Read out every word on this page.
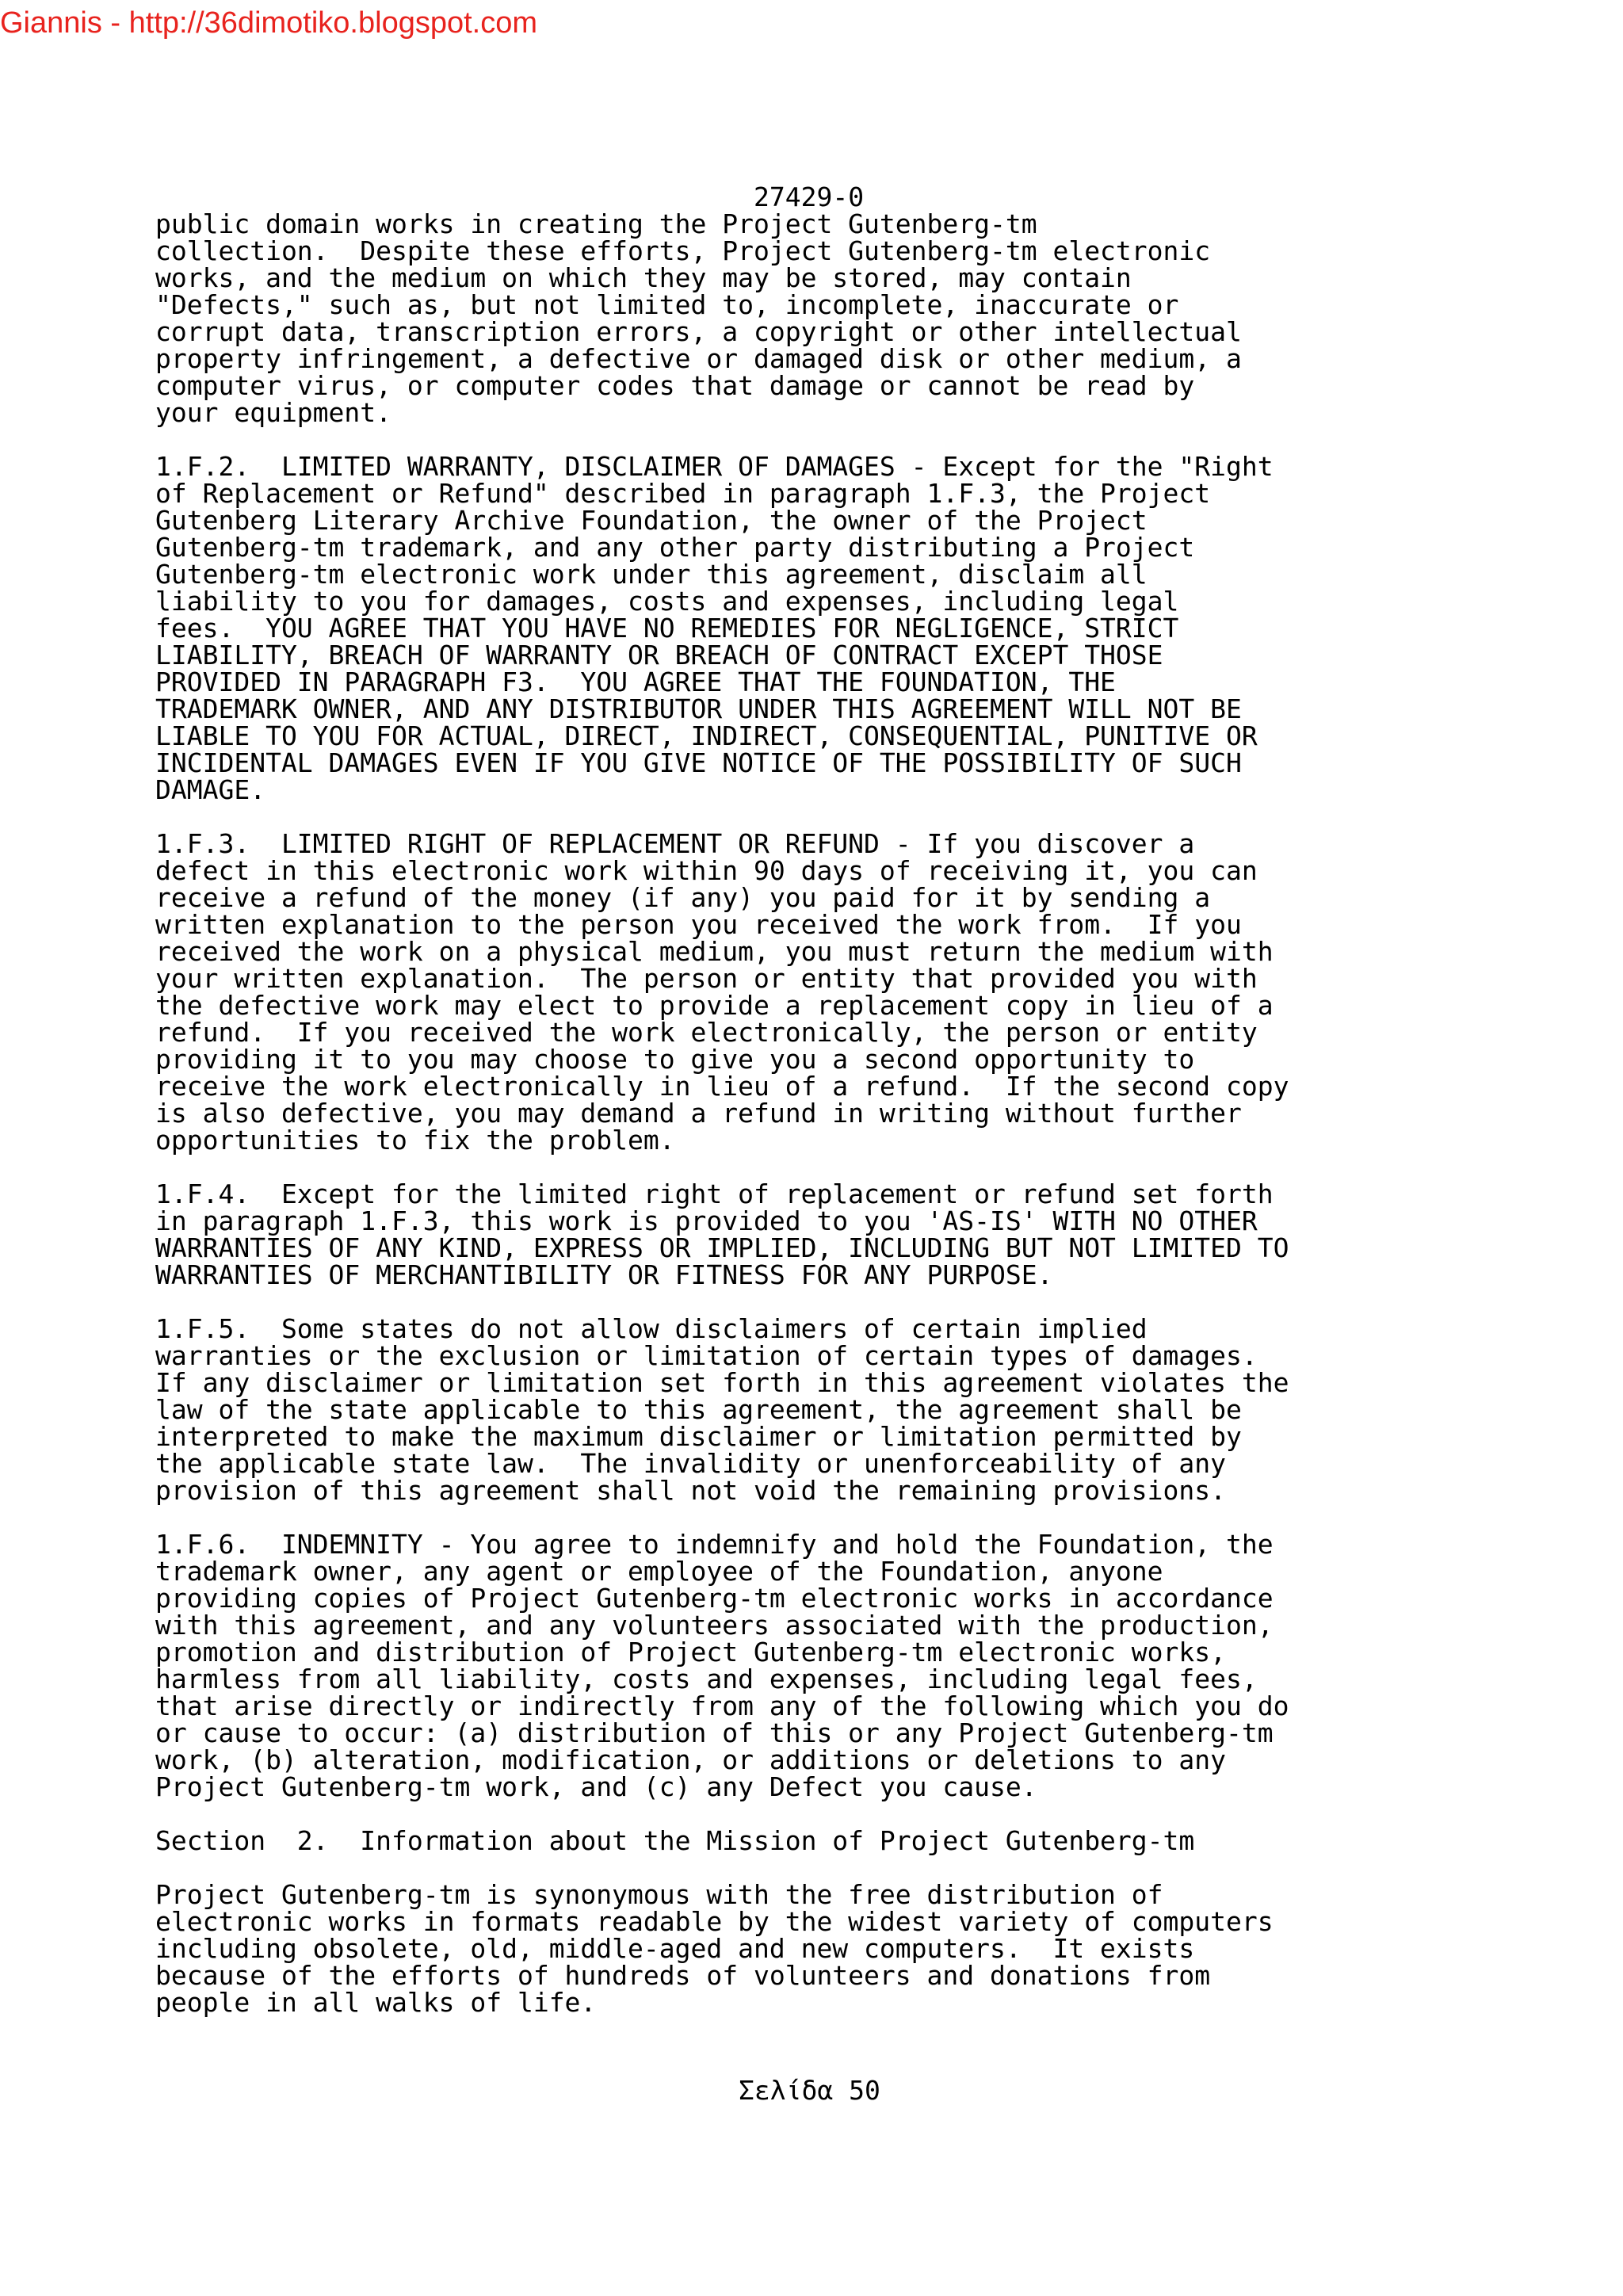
Giannis - http://36dimotiko.blogspot.com
27429-0
public domain works in creating the Project Gutenberg-tm
collection.  Despite these efforts, Project Gutenberg-tm electronic
works, and the medium on which they may be stored, may contain
"Defects," such as, but not limited to, incomplete, inaccurate or
corrupt data, transcription errors, a copyright or other intellectual
property infringement, a defective or damaged disk or other medium, a
computer virus, or computer codes that damage or cannot be read by
your equipment.
1.F.2.  LIMITED WARRANTY, DISCLAIMER OF DAMAGES - Except for the "Right
of Replacement or Refund" described in paragraph 1.F.3, the Project
Gutenberg Literary Archive Foundation, the owner of the Project
Gutenberg-tm trademark, and any other party distributing a Project
Gutenberg-tm electronic work under this agreement, disclaim all
liability to you for damages, costs and expenses, including legal
fees.  YOU AGREE THAT YOU HAVE NO REMEDIES FOR NEGLIGENCE, STRICT
LIABILITY, BREACH OF WARRANTY OR BREACH OF CONTRACT EXCEPT THOSE
PROVIDED IN PARAGRAPH F3.  YOU AGREE THAT THE FOUNDATION, THE
TRADEMARK OWNER, AND ANY DISTRIBUTOR UNDER THIS AGREEMENT WILL NOT BE
LIABLE TO YOU FOR ACTUAL, DIRECT, INDIRECT, CONSEQUENTIAL, PUNITIVE OR
INCIDENTAL DAMAGES EVEN IF YOU GIVE NOTICE OF THE POSSIBILITY OF SUCH
DAMAGE.
1.F.3.  LIMITED RIGHT OF REPLACEMENT OR REFUND - If you discover a
defect in this electronic work within 90 days of receiving it, you can
receive a refund of the money (if any) you paid for it by sending a
written explanation to the person you received the work from.  If you
received the work on a physical medium, you must return the medium with
your written explanation.  The person or entity that provided you with
the defective work may elect to provide a replacement copy in lieu of a
refund.  If you received the work electronically, the person or entity
providing it to you may choose to give you a second opportunity to
receive the work electronically in lieu of a refund.  If the second copy
is also defective, you may demand a refund in writing without further
opportunities to fix the problem.
1.F.4.  Except for the limited right of replacement or refund set forth
in paragraph 1.F.3, this work is provided to you 'AS-IS' WITH NO OTHER
WARRANTIES OF ANY KIND, EXPRESS OR IMPLIED, INCLUDING BUT NOT LIMITED TO
WARRANTIES OF MERCHANTIBILITY OR FITNESS FOR ANY PURPOSE.
1.F.5.  Some states do not allow disclaimers of certain implied
warranties or the exclusion or limitation of certain types of damages.
If any disclaimer or limitation set forth in this agreement violates the
law of the state applicable to this agreement, the agreement shall be
interpreted to make the maximum disclaimer or limitation permitted by
the applicable state law.  The invalidity or unenforceability of any
provision of this agreement shall not void the remaining provisions.
1.F.6.  INDEMNITY - You agree to indemnify and hold the Foundation, the
trademark owner, any agent or employee of the Foundation, anyone
providing copies of Project Gutenberg-tm electronic works in accordance
with this agreement, and any volunteers associated with the production,
promotion and distribution of Project Gutenberg-tm electronic works,
harmless from all liability, costs and expenses, including legal fees,
that arise directly or indirectly from any of the following which you do
or cause to occur: (a) distribution of this or any Project Gutenberg-tm
work, (b) alteration, modification, or additions or deletions to any
Project Gutenberg-tm work, and (c) any Defect you cause.
Section  2.  Information about the Mission of Project Gutenberg-tm
Project Gutenberg-tm is synonymous with the free distribution of
electronic works in formats readable by the widest variety of computers
including obsolete, old, middle-aged and new computers.  It exists
because of the efforts of hundreds of volunteers and donations from
people in all walks of life.
Σελίδα 50
